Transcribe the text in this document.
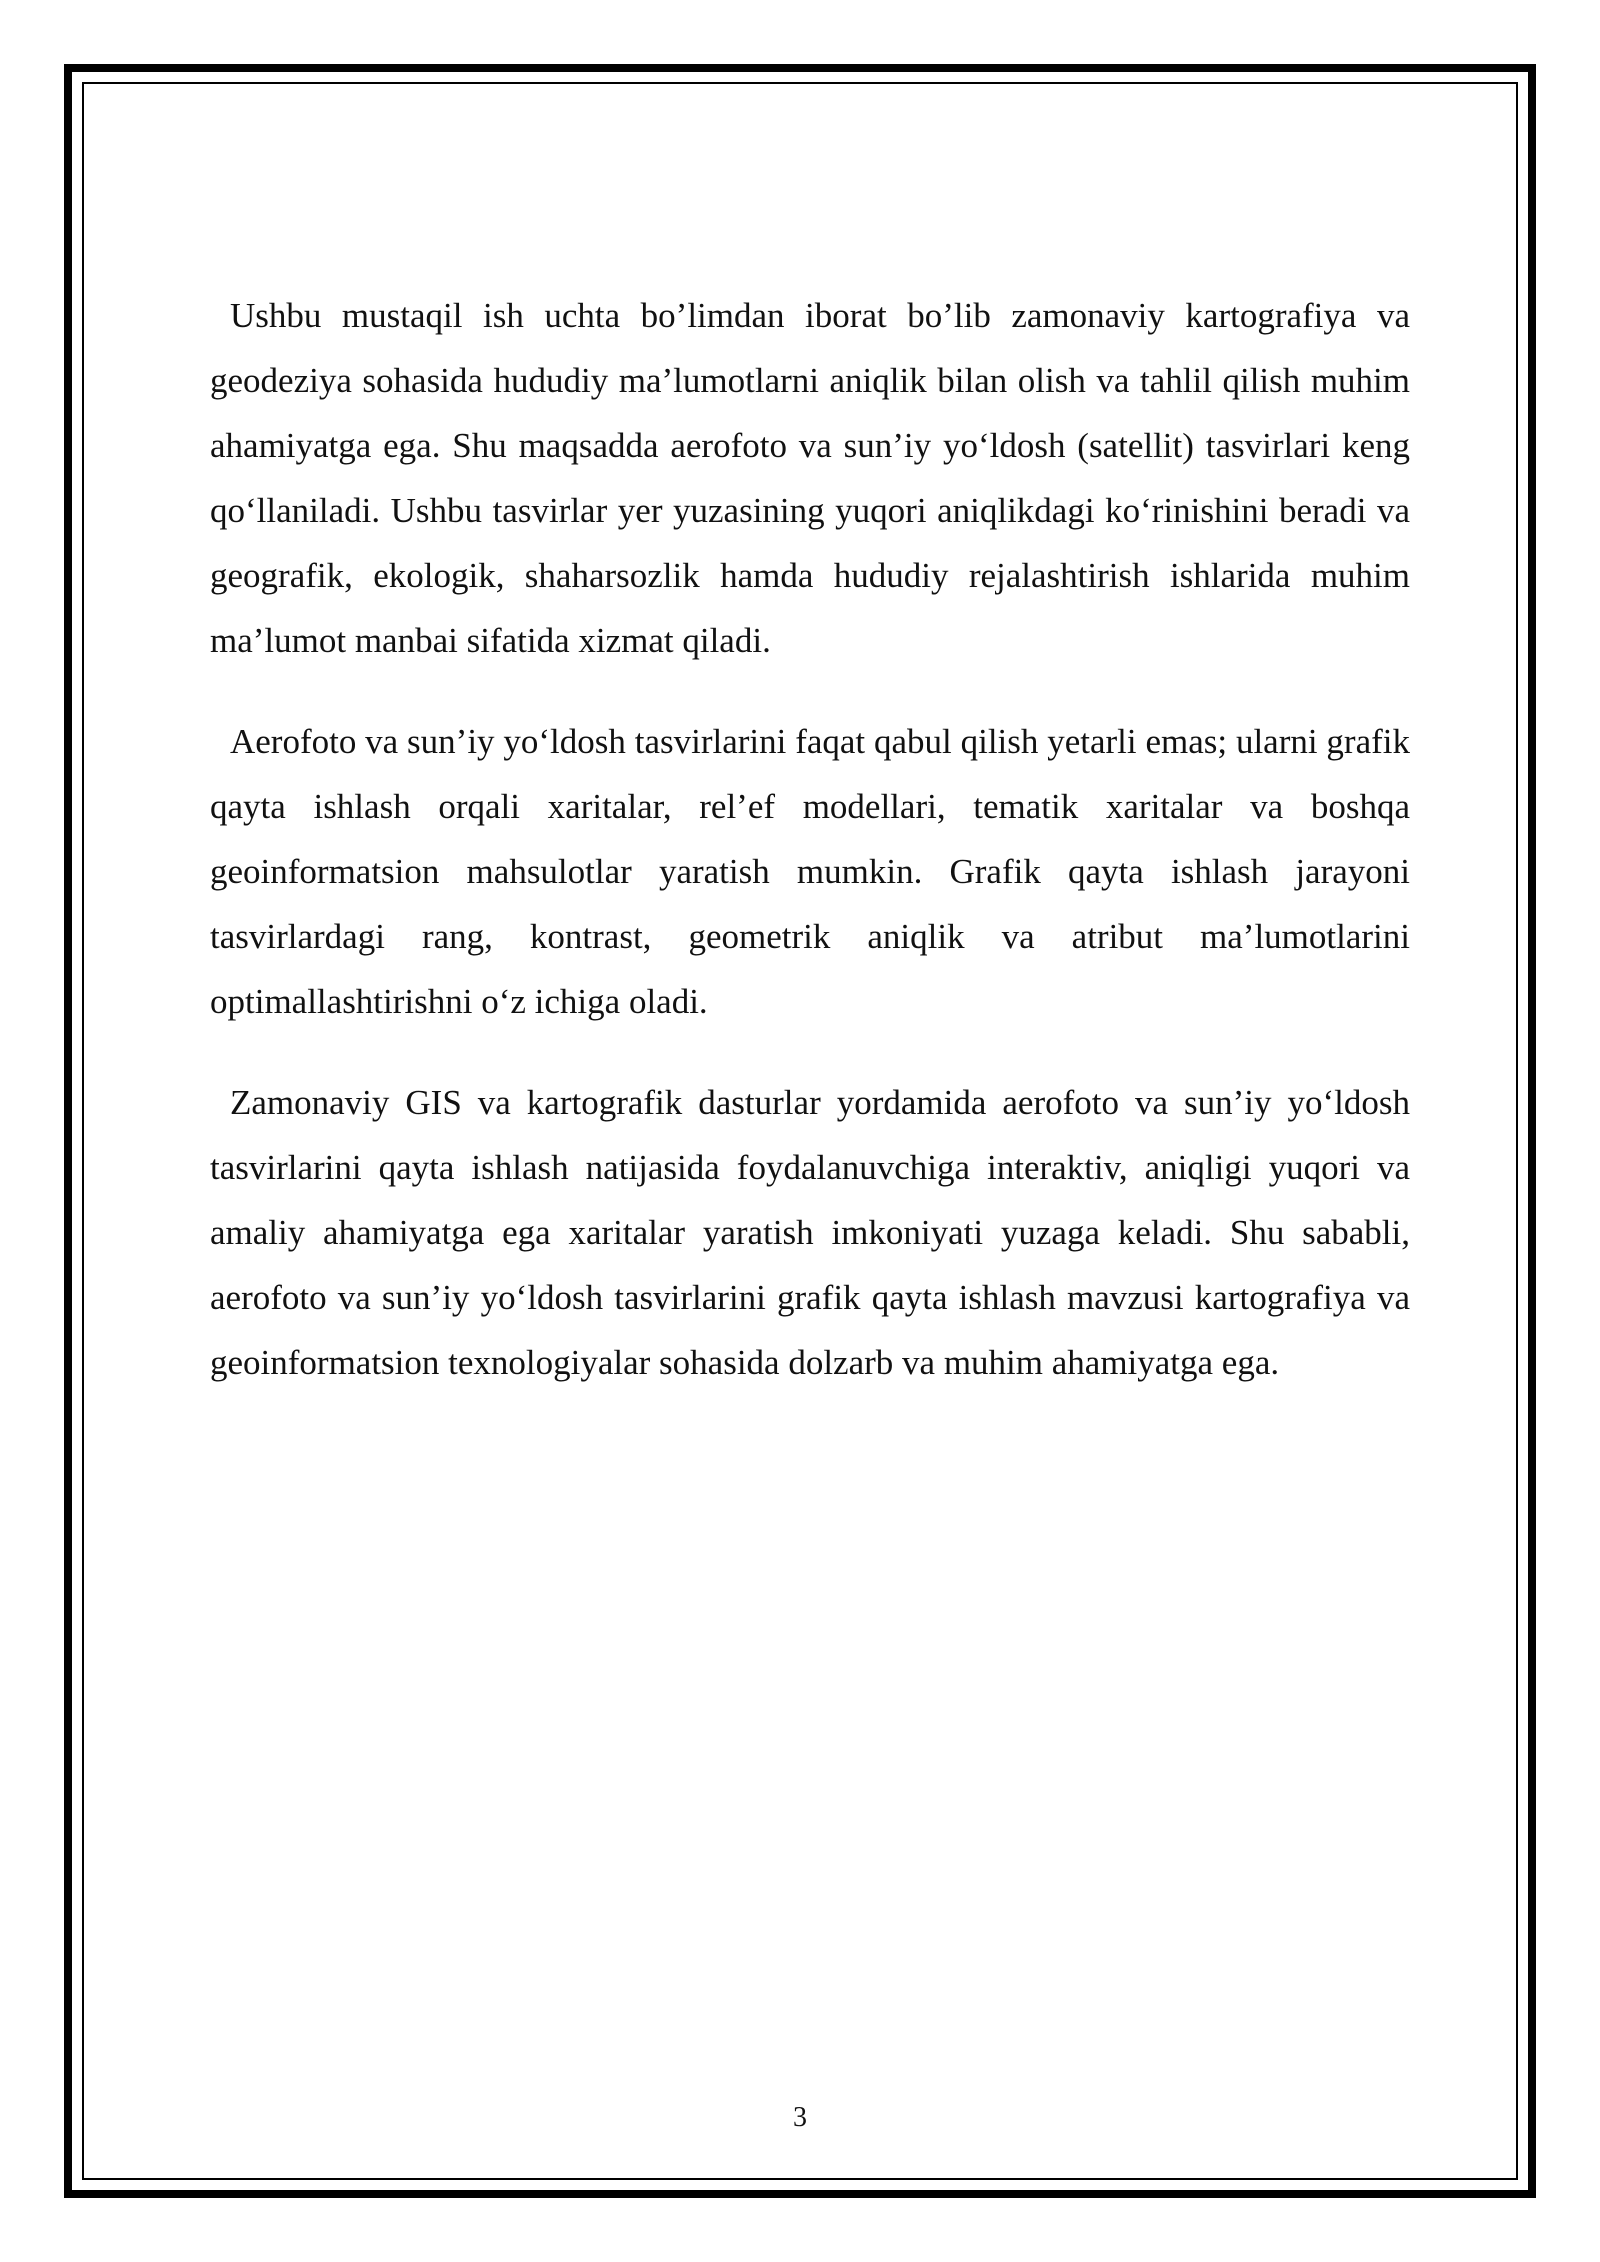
Ushbu mustaqil ish uchta bo’limdan iborat bo’lib zamonaviy kartografiya va geodeziya sohasida hududiy ma’lumotlarni aniqlik bilan olish va tahlil qilish muhim ahamiyatga ega. Shu maqsadda aerofoto va sun’iy yo‘ldosh (satellit) tasvirlari keng qo‘llaniladi. Ushbu tasvirlar yer yuzasining yuqori aniqlikdagi ko‘rinishini beradi va geografik, ekologik, shaharsozlik hamda hududiy rejalashtirish ishlarida muhim ma’lumot manbai sifatida xizmat qiladi.

Aerofoto va sun’iy yo‘ldosh tasvirlarini faqat qabul qilish yetarli emas; ularni grafik qayta ishlash orqali xaritalar, rel’ef modellari, tematik xaritalar va boshqa geoinformatsion mahsulotlar yaratish mumkin. Grafik qayta ishlash jarayoni tasvirlardagi rang, kontrast, geometrik aniqlik va atribut ma’lumotlarini optimallashtirishni o‘z ichiga oladi.

Zamonaviy GIS va kartografik dasturlar yordamida aerofoto va sun’iy yo‘ldosh tasvirlarini qayta ishlash natijasida foydalanuvchiga interaktiv, aniqligi yuqori va amaliy ahamiyatga ega xaritalar yaratish imkoniyati yuzaga keladi. Shu sababli, aerofoto va sun’iy yo‘ldosh tasvirlarini grafik qayta ishlash mavzusi kartografiya va geoinformatsion texnologiyalar sohasida dolzarb va muhim ahamiyatga ega.

3
